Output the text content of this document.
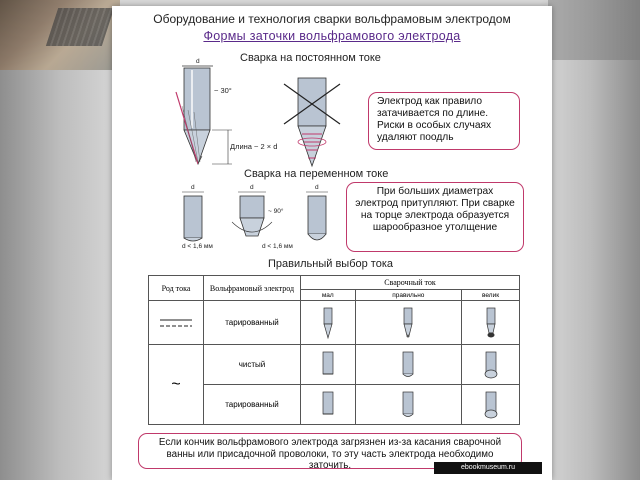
Оборудование и технология сварки вольфрамовым электродом
Формы заточки вольфрамового электрода
Сварка на постоянном токе
d
~ 30°
Длина ~ 2 × d
Электрод как правило затачивается по длине. Риски в особых случаях удаляют поодль
Сварка на переменном токе
d	d	d
~ 90°
d < 1,6 мм	d < 1,6 мм
При больших диаметрах электрод притупляют. При сварке на торце электрода образуется шарообразное утолщение
Правильный выбор тока
Род тока	Вольфрамовый электрод	Сварочный ток		
		мал	правильно	велик

	тарированный	

~	чистый	

	тарированный	

Если кончик вольфрамового электрода загрязнен из-за касания сварочной ванны или присадочной проволоки, то эту часть электрода необходимо заточить.	ebookmuseum.ru
